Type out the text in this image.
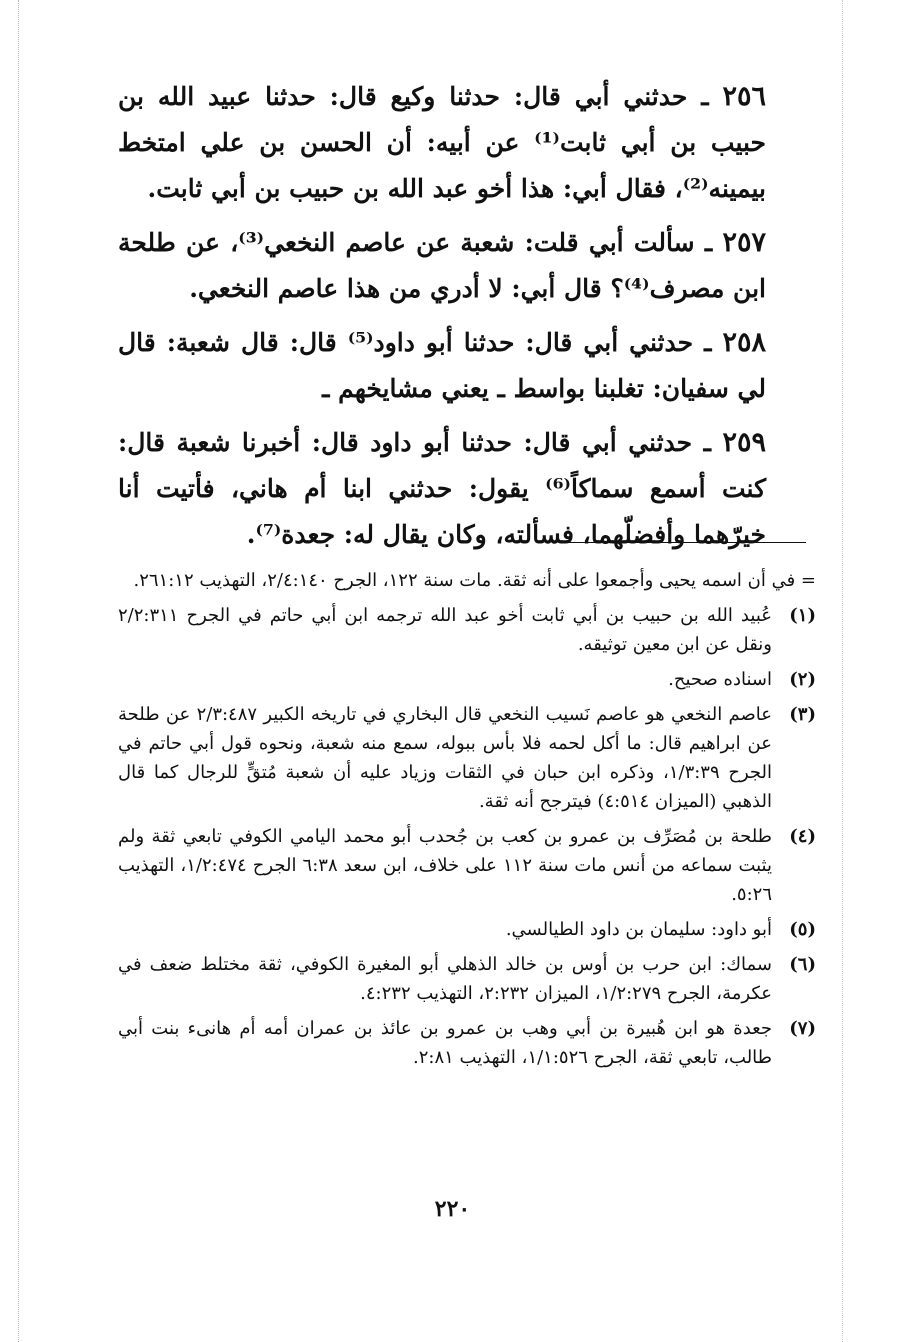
٢٥٦ ـ حدثني أبي قال: حدثنا وكيع قال: حدثنا عبيد الله بن حبيب بن أبي ثابت⁽¹⁾ عن أبيه: أن الحسن بن علي امتخط بيمينه⁽²⁾، فقال أبي: هذا أخو عبد الله بن حبيب بن أبي ثابت.

٢٥٧ ـ سألت أبي قلت: شعبة عن عاصم النخعي⁽³⁾، عن طلحة ابن مصرف⁽⁴⁾؟ قال أبي: لا أدري من هذا عاصم النخعي.

٢٥٨ ـ حدثني أبي قال: حدثنا أبو داود⁽⁵⁾ قال: قال شعبة: قال لي سفيان: تغلبنا بواسط ـ يعني مشايخهم ـ

٢٥٩ ـ حدثني أبي قال: حدثنا أبو داود قال: أخبرنا شعبة قال: كنت أسمع سماكاً⁽⁶⁾ يقول: حدثني ابنا أم هاني، فأتيت أنا خيرّهما وأفضلّهما، فسألته، وكان يقال له: جعدة⁽⁷⁾.

= في أن اسمه يحيى وأجمعوا على أنه ثقة. مات سنة ١٢٢، الجرح ٢/٤:١٤٠، التهذيب ٢٦١:١٢.
(١)
عُبيد الله بن حبيب بن أبي ثابت أخو عبد الله ترجمه ابن أبي حاتم في الجرح ٢/٢:٣١١ ونقل عن ابن معين توثيقه.
(٢)
اسناده صحيح.
(٣)
عاصم النخعي هو عاصم نَسيب النخعي قال البخاري في تاريخه الكبير ٢/٣:٤٨٧ عن طلحة عن ابراهيم قال: ما أكل لحمه فلا بأس ببوله، سمع منه شعبة، ونحوه قول أبي حاتم في الجرح ١/٣:٣٩، وذكره ابن حبان في الثقات وزياد عليه أن شعبة مُتقٍّ للرجال كما قال الذهبي (الميزان ٤:٥١٤) فيترجح أنه ثقة.
(٤)
طلحة بن مُصَرِّف بن عمرو بن كعب بن جُحدب أبو محمد اليامي الكوفي تابعي ثقة ولم يثبت سماعه من أنس مات سنة ١١٢ على خلاف، ابن سعد ٦:٣٨ الجرح ١/٢:٤٧٤، التهذيب ٥:٢٦.
(٥)
أبو داود: سليمان بن داود الطيالسي.
(٦)
سماك: ابن حرب بن أوس بن خالد الذهلي أبو المغيرة الكوفي، ثقة مختلط ضعف في عكرمة، الجرح ١/٢:٢٧٩، الميزان ٢:٢٣٢، التهذيب ٤:٢٣٢.
(٧)
جعدة هو ابن هُبيرة بن أبي وهب بن عمرو بن عائذ بن عمران أمه أم هانىء بنت أبي طالب، تابعي ثقة، الجرح ١/١:٥٢٦، التهذيب ٢:٨١.
٢٢٠
